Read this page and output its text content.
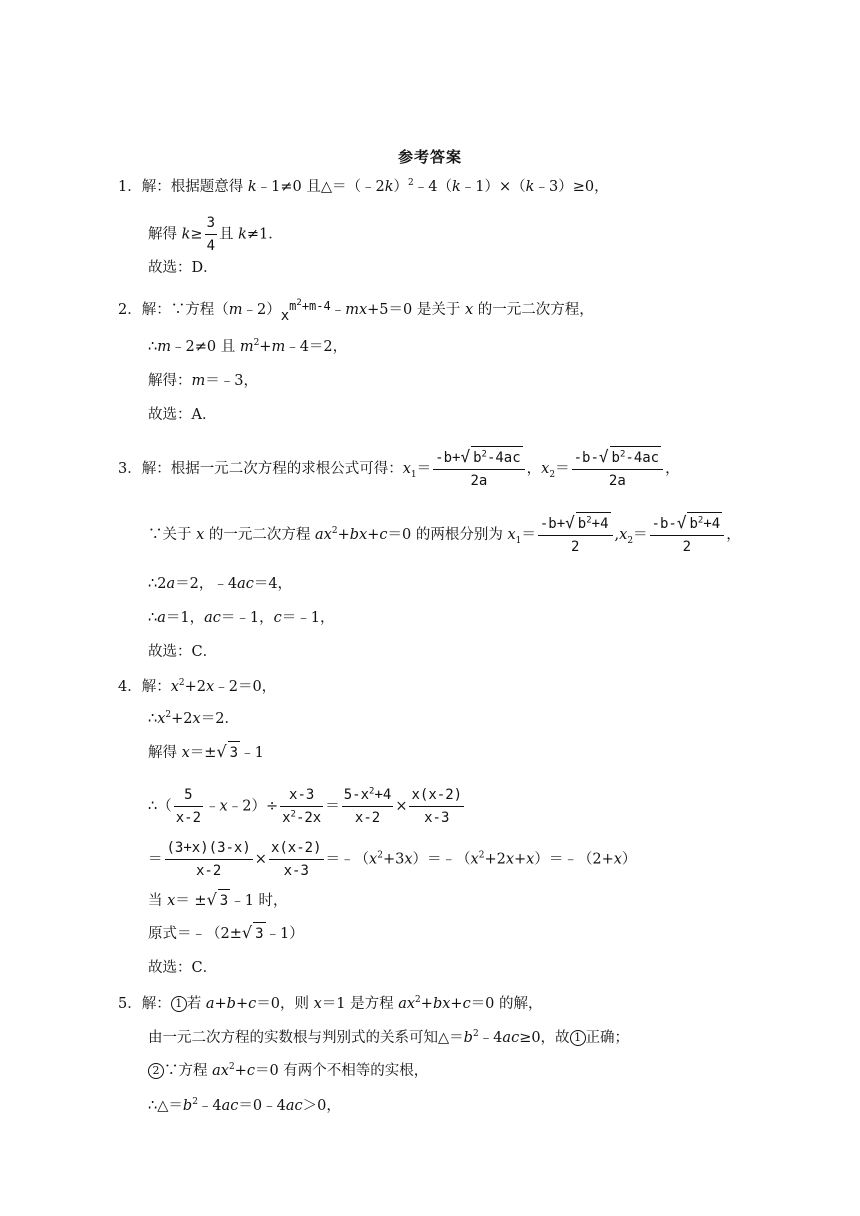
参考答案
1．解：根据题意得 k﹣1≠0 且△＝（﹣2k）$^2$﹣4（k﹣1）×（k﹣3）≥0，
解得 $k\ge \frac{3}{4}$ 且 k≠1．
故选：D．
2．解：∵方程$(m﹣2)x^{m^2+m-4}﹣mx+5=0$ 是关于 x 的一元二次方程，
∴m﹣2≠0 且 $m^2+m﹣4=2$，
解得：m＝﹣3，
故选：A．
3．解：根据一元二次方程的求根公式可得：$x_1= \frac{-b+√ b^2-4ac}{2a}$ ，$x_2= \frac{-b-√ b^2-4ac}{2a}$ ，
∵关于 x 的一元二次方程 $ax^2+bx+c=0$ 的两根分别为 $x_1= \frac{-b+√ b^2+4}{2} ,x_2= \frac{-b-√ b^2+4}{2}$ ，
∴2a＝2，﹣4ac＝4，
∴a＝1，ac＝﹣1，c＝﹣1，
故选：C．
4．解：$x^2+2x﹣2=0$，
$\therefore x^2+2x=2$．
解得 x＝±√ 3 ﹣1
∴（ $\frac{5}{x-2}$ ﹣x﹣2）÷ $\frac{x-3}{x^2-2x} = \frac{5-x^2+4}{x-2} \times \frac{x(x-2)}{x-3}$
＝ $\frac{(3+x)(3-x)}{x-2} \times \frac{x(x-2)}{x-3}$ $=﹣(x^2+3x)=﹣(x^2+2x+x)=﹣(2+x)$
当 x＝ ±√ 3 ﹣1 时，
原式＝﹣（2±√ 3 ﹣1）
故选：C．
5．解： 1 若 a+b+c＝0，则 x＝1 是方程 $ax^2+bx+c=0$ 的解，
由一元二次方程的实数根与判别式的关系可知$\triangle=b^2﹣4ac\ge 0$，故 1 正确；
2 ∵方程 $ax^2+c=0$ 有两个不相等的实根，
$\therefore\triangle=b^2﹣4ac=0﹣4ac>0$，
